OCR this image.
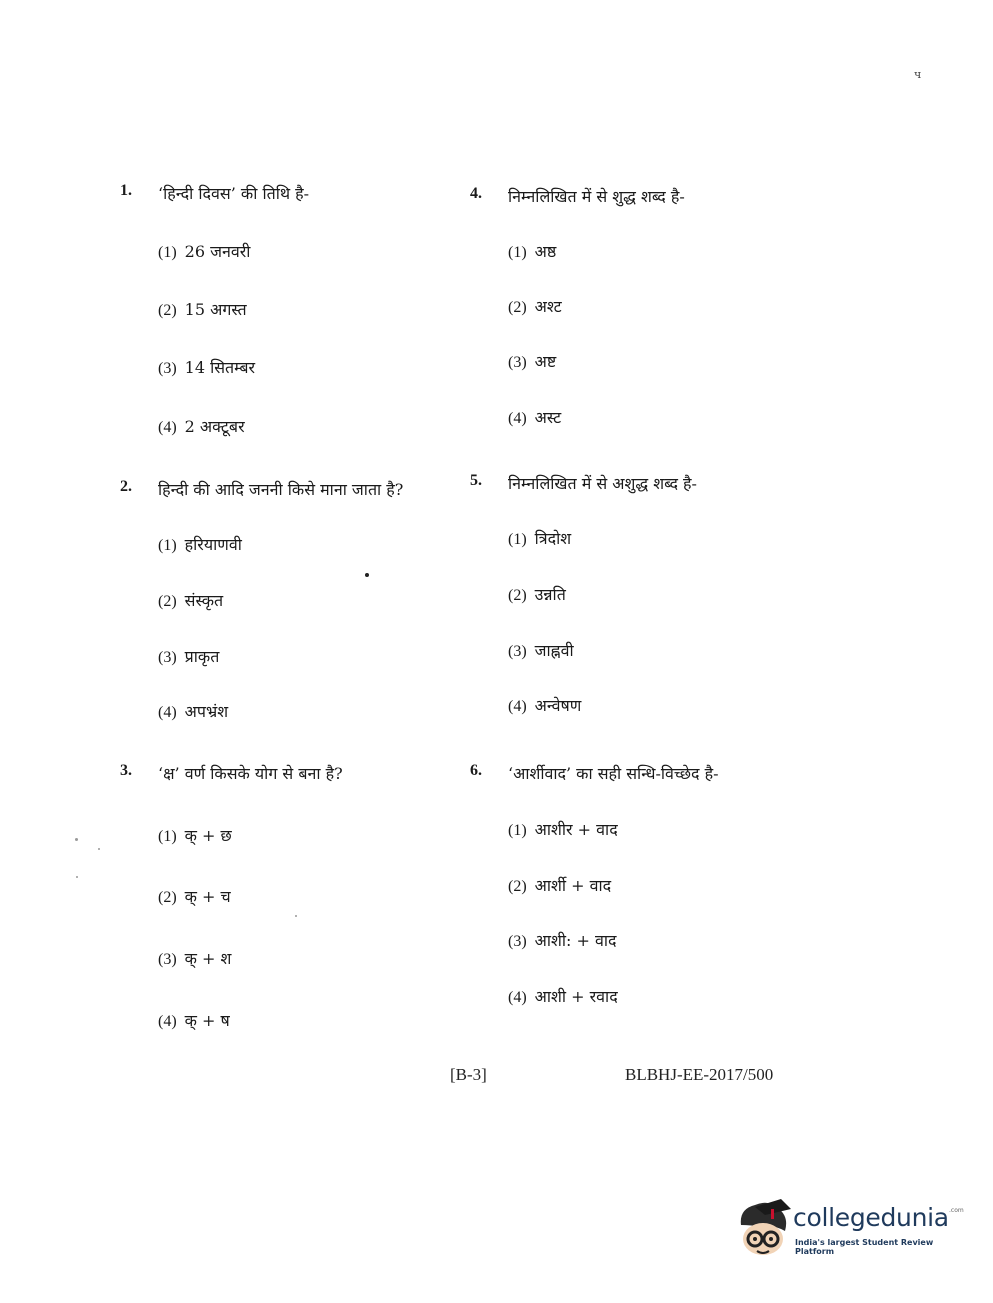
ч
1. ‘हिन्दी दिवस’ की तिथि है-
(1) 26 जनवरी
(2) 15 अगस्त
(3) 14 सितम्बर
(4) 2 अक्टूबर
2. हिन्दी की आदि जननी किसे माना जाता है?
(1) हरियाणवी
(2) संस्कृत
(3) प्राकृत
(4) अपभ्रंश
3. ‘क्ष’ वर्ण किसके योग से बना है?
(1) क् + छ
(2) क् + च
(3) क् + श
(4) क् + ष
4. निम्नलिखित में से शुद्ध शब्द है-
(1) अष्ठ
(2) अश्ट
(3) अष्ट
(4) अस्ट
5. निम्नलिखित में से अशुद्ध शब्द है-
(1) त्रिदोश
(2) उन्नति
(3) जाह्नवी
(4) अन्वेषण
6. ‘आर्शीवाद’ का सही सन्धि-विच्छेद है-
(1) आशीर + वाद
(2) आर्शी + वाद
(3) आशी: + वाद
(4) आशी + रवाद
[B-3]	BLBHJ-EE-2017/500
collegedunia .com
India's largest Student Review Platform
